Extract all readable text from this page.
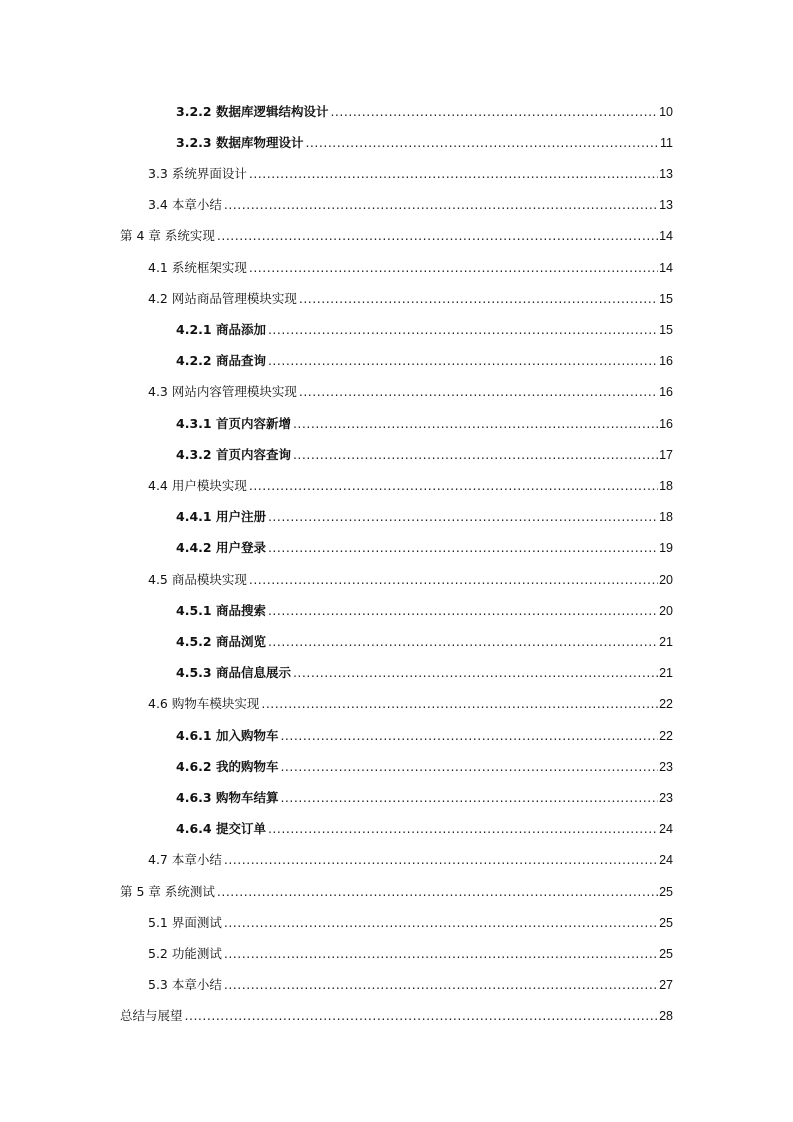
3.2.2 数据库逻辑结构设计 .....	10
3.2.3 数据库物理设计 .....	11
3.3 系统界面设计 .....	13
3.4 本章小结 .....	13
第 4 章 系统实现 .....	14
4.1 系统框架实现 .....	14
4.2 网站商品管理模块实现 .....	15
4.2.1 商品添加 .....	15
4.2.2 商品查询 .....	16
4.3 网站内容管理模块实现 .....	16
4.3.1 首页内容新增 .....	16
4.3.2 首页内容查询 .....	17
4.4 用户模块实现 .....	18
4.4.1 用户注册 .....	18
4.4.2 用户登录 .....	19
4.5 商品模块实现 .....	20
4.5.1 商品搜索 .....	20
4.5.2 商品浏览 .....	21
4.5.3 商品信息展示 .....	21
4.6 购物车模块实现 .....	22
4.6.1 加入购物车 .....	22
4.6.2 我的购物车 .....	23
4.6.3 购物车结算 .....	23
4.6.4 提交订单 .....	24
4.7 本章小结 .....	24
第 5 章 系统测试 .....	25
5.1 界面测试 .....	25
5.2 功能测试 .....	25
5.3 本章小结 .....	27
总结与展望 .....	28
